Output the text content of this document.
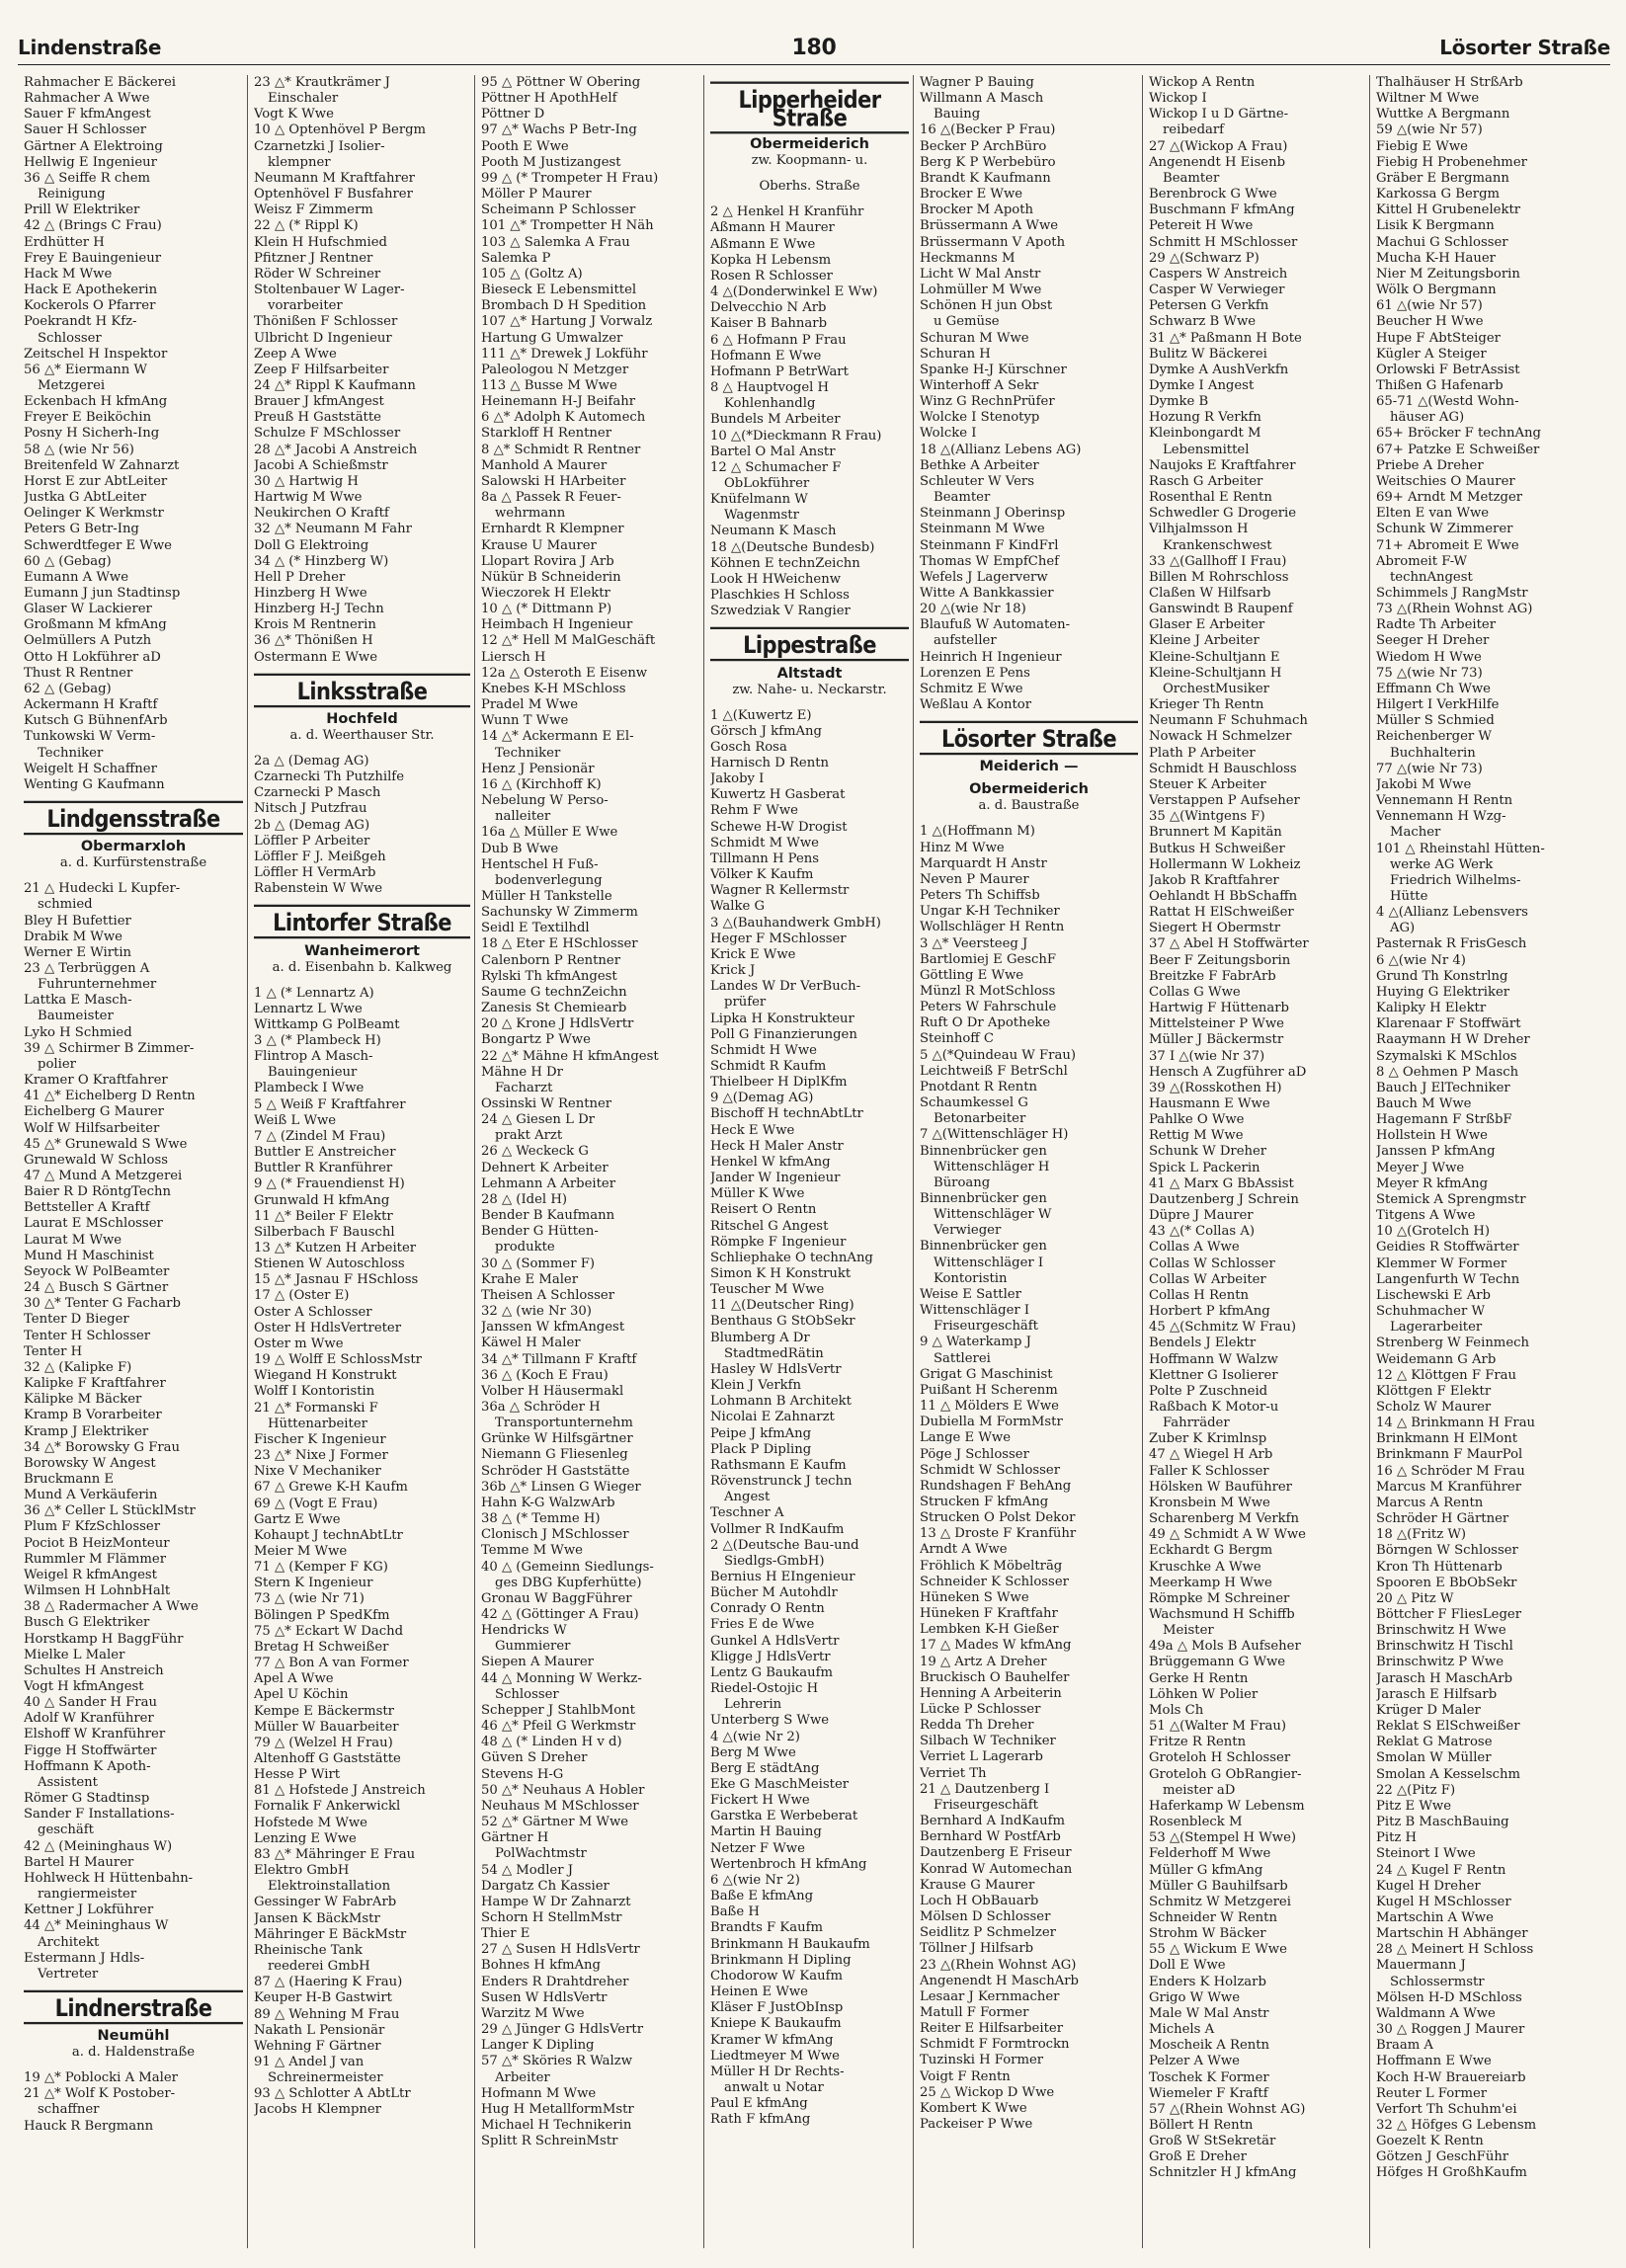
Lindenstraße	180	Lösorter Straße
Rahmacher E Bäckerei
Rahmacher A Wwe
Sauer F kfmAngest
Sauer H Schlosser
Gärtner A Elektroing
Hellwig E Ingenieur
36 △ Seiffe R chem
Reinigung
Prill W Elektriker
42 △ (Brings C Frau)
Erdhütter H
Frey E Bauingenieur
Hack M Wwe
Hack E Apothekerin
Kockerols O Pfarrer
Poekrandt H Kfz-
Schlosser
Zeitschel H Inspektor
56 △* Eiermann W
Metzgerei
Eckenbach H kfmAng
Freyer E Beiköchin
Posny H Sicherh-Ing
58 △ (wie Nr 56)
Breitenfeld W Zahnarzt
Horst E zur AbtLeiter
Justka G AbtLeiter
Oelinger K Werkmstr
Peters G Betr-Ing
Schwerdtfeger E Wwe
60 △ (Gebag)
Eumann A Wwe
Eumann J jun Stadtinsp
Glaser W Lackierer
Großmann M kfmAng
Oelmüllers A Putzh
Otto H Lokführer aD
Thust R Rentner
62 △ (Gebag)
Ackermann H Kraftf
Kutsch G BühnenfArb
Tunkowski W Verm-
Techniker
Weigelt H Schaffner
Wenting G Kaufmann
Lindgensstraße
Obermarxloh
a. d. Kurfürstenstraße
21 △ Hudecki L Kupfer-
schmied
Bley H Bufettier
Drabik M Wwe
Werner E Wirtin
23 △ Terbrüggen A
Fuhrunternehmer
Lattka E Masch-
Baumeister
Lyko H Schmied
39 △ Schirmer B Zimmer-
polier
Kramer O Kraftfahrer
41 △* Eichelberg D Rentn
Eichelberg G Maurer
Wolf W Hilfsarbeiter
45 △* Grunewald S Wwe
Grunewald W Schloss
47 △ Mund A Metzgerei
Baier R D RöntgTechn
Bettsteller A Kraftf
Laurat E MSchlosser
Laurat M Wwe
Mund H Maschinist
Seyock W PolBeamter
24 △ Busch S Gärtner
30 △* Tenter G Facharb
Tenter D Bieger
Tenter H Schlosser
Tenter H
32 △ (Kalipke F)
Kalipke F Kraftfahrer
Kälipke M Bäcker
Kramp B Vorarbeiter
Kramp J Elektriker
34 △* Borowsky G Frau
Borowsky W Angest
Bruckmann E
Mund A Verkäuferin
36 △* Celler L StücklMstr
Plum F KfzSchlosser
Pociot B HeizMonteur
Rummler M Flämmer
Weigel R kfmAngest
Wilmsen H LohnbHalt
38 △ Radermacher A Wwe
Busch G Elektriker
Horstkamp H BaggFühr
Mielke L Maler
Schultes H Anstreich
Vogt H kfmAngest
40 △ Sander H Frau
Adolf W Kranführer
Elshoff W Kranführer
Figge H Stoffwärter
Hoffmann K Apoth-
Assistent
Römer G Stadtinsp
Sander F Installations-
geschäft
42 △ (Meininghaus W)
Bartel H Maurer
Hohlweck H Hüttenbahn-
rangiermeister
Kettner J Lokführer
44 △* Meininghaus W
Architekt
Estermann J Hdls-
Vertreter
Lindnerstraße
Neumühl
a. d. Haldenstraße
19 △* Poblocki A Maler
21 △* Wolf K Postober-
schaffner
Hauck R Bergmann
23 △* Krautkrämer J
Einschaler
Vogt K Wwe
10 △ Optenhövel P Bergm
Czarnetzki J Isolier-
klempner
Neumann M Kraftfahrer
Optenhövel F Busfahrer
Weisz F Zimmerm
22 △ (* Rippl K)
Klein H Hufschmied
Pfitzner J Rentner
Röder W Schreiner
Stoltenbauer W Lager-
vorarbeiter
Thönißen F Schlosser
Ulbricht D Ingenieur
Zeep A Wwe
Zeep F Hilfsarbeiter
24 △* Rippl K Kaufmann
Brauer J kfmAngest
Preuß H Gaststätte
Schulze F MSchlosser
28 △* Jacobi A Anstreich
Jacobi A Schießmstr
30 △ Hartwig H
Hartwig M Wwe
Neukirchen O Kraftf
32 △* Neumann M Fahr
Doll G Elektroing
34 △ (* Hinzberg W)
Hell P Dreher
Hinzberg H Wwe
Hinzberg H-J Techn
Krois M Rentnerin
36 △* Thönißen H
Ostermann E Wwe
Linksstraße
Hochfeld
a. d. Weerthauser Str.
2a △ (Demag AG)
Czarnecki Th Putzhilfe
Czarnecki P Masch
Nitsch J Putzfrau
2b △ (Demag AG)
Löffler P Arbeiter
Löffler F J. Meißgeh
Löffler H VermArb
Rabenstein W Wwe
Lintorfer Straße
Wanheimerort
a. d. Eisenbahn b. Kalkweg
1 △ (* Lennartz A)
Lennartz L Wwe
Wittkamp G PolBeamt
3 △ (* Plambeck H)
Flintrop A Masch-
Bauingenieur
Plambeck I Wwe
5 △ Weiß F Kraftfahrer
Weiß L Wwe
7 △ (Zindel M Frau)
Buttler E Anstreicher
Buttler R Kranführer
9 △ (* Frauendienst H)
Grunwald H kfmAng
11 △* Beiler F Elektr
Silberbach F Bauschl
13 △* Kutzen H Arbeiter
Stienen W Autoschloss
15 △* Jasnau F HSchloss
17 △ (Oster E)
Oster A Schlosser
Oster H HdlsVertreter
Oster m Wwe
19 △ Wolff E SchlossMstr
Wiegand H Konstrukt
Wolff I Kontoristin
21 △* Formanski F
Hüttenarbeiter
Fischer K Ingenieur
23 △* Nixe J Former
Nixe V Mechaniker
67 △ Grewe K-H Kaufm
69 △ (Vogt E Frau)
Gartz E Wwe
Kohaupt J technAbtLtr
Meier M Wwe
71 △ (Kemper F KG)
Stern K Ingenieur
73 △ (wie Nr 71)
Bölingen P SpedKfm
75 △* Eckart W Dachd
Bretag H Schweißer
77 △ Bon A van Former
Apel A Wwe
Apel U Köchin
Kempe E Bäckermstr
Müller W Bauarbeiter
79 △ (Welzel H Frau)
Altenhoff G Gaststätte
Hesse P Wirt
81 △ Hofstede J Anstreich
Fornalik F Ankerwickl
Hofstede M Wwe
Lenzing E Wwe
83 △* Mähringer E Frau
Elektro GmbH
Elektroinstallation
Gessinger W FabrArb
Jansen K BäckMstr
Mähringer E BäckMstr
Rheinische Tank
reederei GmbH
87 △ (Haering K Frau)
Keuper H-B Gastwirt
89 △ Wehning M Frau
Nakath L Pensionär
Wehning F Gärtner
91 △ Andel J van
Schreinermeister
93 △ Schlotter A AbtLtr
Jacobs H Klempner
95 △ Pöttner W Obering
Pöttner H ApothHelf
Pöttner D
97 △* Wachs P Betr-Ing
Pooth E Wwe
Pooth M Justizangest
99 △ (* Trompeter H Frau)
Möller P Maurer
Scheimann P Schlosser
101 △* Trompetter H Näh
103 △ Salemka A Frau
Salemka P
105 △ (Goltz A)
Bieseck E Lebensmittel
Brombach D H Spedition
107 △* Hartung J Vorwalz
Hartung G Umwalzer
111 △* Drewek J Lokführ
Paleologou N Metzger
113 △ Busse M Wwe
Heinemann H-J Beifahr
6 △* Adolph K Automech
Starkloff H Rentner
8 △* Schmidt R Rentner
Manhold A Maurer
Salowski H HArbeiter
8a △ Passek R Feuer-
wehrmann
Ernhardt R Klempner
Krause U Maurer
Llopart Rovira J Arb
Nükür B Schneiderin
Wieczorek H Elektr
10 △ (* Dittmann P)
Heimbach H Ingenieur
12 △* Hell M MalGeschäft
Liersch H
12a △ Osteroth E Eisenw
Knebes K-H MSchloss
Pradel M Wwe
Wunn T Wwe
14 △* Ackermann E El-
Techniker
Henz J Pensionär
16 △ (Kirchhoff K)
Nebelung W Perso-
nalleiter
16a △ Müller E Wwe
Dub B Wwe
Hentschel H Fuß-
bodenverlegung
Müller H Tankstelle
Sachunsky W Zimmerm
Seidl E Textilhdl
18 △ Eter E HSchlosser
Calenborn P Rentner
Rylski Th kfmAngest
Saume G technZeichn
Zanesis St Chemiearb
20 △ Krone J HdlsVertr
Bongartz P Wwe
22 △* Mähne H kfmAngest
Mähne H Dr
Facharzt
Ossinski W Rentner
24 △ Giesen L Dr
prakt Arzt
26 △ Weckeck G
Dehnert K Arbeiter
Lehmann A Arbeiter
28 △ (Idel H)
Bender B Kaufmann
Bender G Hütten-
produkte
30 △ (Sommer F)
Krahe E Maler
Theisen A Schlosser
32 △ (wie Nr 30)
Janssen W kfmAngest
Käwel H Maler
34 △* Tillmann F Kraftf
36 △ (Koch E Frau)
Volber H Häusermakl
36a △ Schröder H
Transportunternehm
Grünke W Hilfsgärtner
Niemann G Fliesenleg
Schröder H Gaststätte
36b △* Linsen G Wieger
Hahn K-G WalzwArb
38 △ (* Temme H)
Clonisch J MSchlosser
Temme M Wwe
40 △ (Gemeinn Siedlungs-
ges DBG Kupferhütte)
Gronau W BaggFührer
42 △ (Göttinger A Frau)
Hendricks W
Gummierer
Siepen A Maurer
44 △ Monning W Werkz-
Schlosser
Schepper J StahlbMont
46 △* Pfeil G Werkmstr
48 △ (* Linden H v d)
Güven S Dreher
Stevens H-G
50 △* Neuhaus A Hobler
Neuhaus M MSchlosser
52 △* Gärtner M Wwe
Gärtner H
PolWachtmstr
54 △ Modler J
Dargatz Ch Kassier
Hampe W Dr Zahnarzt
Schorn H StellmMstr
Thier E
27 △ Susen H HdlsVertr
Bohnes H kfmAng
Enders R Drahtdreher
Susen W HdlsVertr
Warzitz M Wwe
29 △ Jünger G HdlsVertr
Langer K Dipling
57 △* Sköries R Walzw
Arbeiter
Hofmann M Wwe
Hug H MetallformMstr
Michael H Technikerin
Splitt R SchreinMstr
Lipperheider Straße
Obermeiderich
zw. Koopmann- u.
Oberhs. Straße
2 △ Henkel H Kranführ
Aßmann H Maurer
Aßmann E Wwe
Kopka H Lebensm
Rosen R Schlosser
4 △(Donderwinkel E Ww)
Delvecchio N Arb
Kaiser B Bahnarb
6 △ Hofmann P Frau
Hofmann E Wwe
Hofmann P BetrWart
8 △ Hauptvogel H
Kohlenhandlg
Bundels M Arbeiter
10 △(*Dieckmann R Frau)
Bartel O Mal Anstr
12 △ Schumacher F
ObLokführer
Knüfelmann W
Wagenmstr
Neumann K Masch
18 △(Deutsche Bundesb)
Köhnen E technZeichn
Look H HWeichenw
Plaschkies H Schloss
Szwedziak V Rangier
Lippestraße
Altstadt
zw. Nahe- u. Neckarstr.
1 △(Kuwertz E)
Görsch J kfmAng
Gosch Rosa
Harnisch D Rentn
Jakoby I
Kuwertz H Gasberat
Rehm F Wwe
Schewe H-W Drogist
Schmidt M Wwe
Tillmann H Pens
Völker K Kaufm
Wagner R Kellermstr
Walke G
3 △(Bauhandwerk GmbH)
Heger F MSchlosser
Krick E Wwe
Krick J
Landes W Dr VerBuch-
prüfer
Lipka H Konstrukteur
Poll G Finanzierungen
Schmidt H Wwe
Schmidt R Kaufm
Thielbeer H DiplKfm
9 △(Demag AG)
Bischoff H technAbtLtr
Heck E Wwe
Heck H Maler Anstr
Henkel W kfmAng
Jander W Ingenieur
Müller K Wwe
Reisert O Rentn
Ritschel G Angest
Römpke F Ingenieur
Schliephake O technAng
Simon K H Konstrukt
Teuscher M Wwe
11 △(Deutscher Ring)
Benthaus G StObSekr
Blumberg A Dr
StadtmedRätin
Hasley W HdlsVertr
Klein J Verkfn
Lohmann B Architekt
Nicolai E Zahnarzt
Peipe J kfmAng
Plack P Dipling
Rathsmann E Kaufm
Rövenstrunck J techn
Angest
Teschner A
Vollmer R IndKaufm
2 △(Deutsche Bau-und
Siedlgs-GmbH)
Bernius H EIngenieur
Bücher M Autohdlr
Conrady O Rentn
Fries E de Wwe
Gunkel A HdlsVertr
Kligge J HdlsVertr
Lentz G Baukaufm
Riedel-Ostojic H
Lehrerin
Unterberg S Wwe
4 △(wie Nr 2)
Berg M Wwe
Berg E städtAng
Eke G MaschMeister
Fickert H Wwe
Garstka E Werbeberat
Martin H Bauing
Netzer F Wwe
Wertenbroch H kfmAng
6 △(wie Nr 2)
Baße E kfmAng
Baße H
Brandts F Kaufm
Brinkmann H Baukaufm
Brinkmann H Dipling
Chodorow W Kaufm
Heinen E Wwe
Kläser F JustObInsp
Kniepe K Baukaufm
Kramer W kfmAng
Liedtmeyer M Wwe
Müller H Dr Rechts-
anwalt u Notar
Paul E kfmAng
Rath F kfmAng
Wagner P Bauing
Willmann A Masch
Bauing
16 △(Becker P Frau)
Becker P ArchBüro
Berg K P Werbebüro
Brandt K Kaufmann
Brocker E Wwe
Brocker M Apoth
Brüssermann A Wwe
Brüssermann V Apoth
Heckmanns M
Licht W Mal Anstr
Lohmüller M Wwe
Schönen H jun Obst
u Gemüse
Schuran M Wwe
Schuran H
Spanke H-J Kürschner
Winterhoff A Sekr
Winz G RechnPrüfer
Wolcke I Stenotyp
Wolcke I
18 △(Allianz Lebens AG)
Bethke A Arbeiter
Schleuter W Vers
Beamter
Steinmann J Oberinsp
Steinmann M Wwe
Steinmann F KindFrl
Thomas W EmpfChef
Wefels J Lagerverw
Witte A Bankkassier
20 △(wie Nr 18)
Blaufuß W Automaten-
aufsteller
Heinrich H Ingenieur
Lorenzen E Pens
Schmitz E Wwe
Weßlau A Kontor
Lösorter Straße
Meiderich —
Obermeiderich
a. d. Baustraße
1 △(Hoffmann M)
Hinz M Wwe
Marquardt H Anstr
Neven P Maurer
Peters Th Schiffsb
Ungar K-H Techniker
Wollschläger H Rentn
3 △* Veersteeg J
Bartlomiej E GeschF
Göttling E Wwe
Münzl R MotSchloss
Peters W Fahrschule
Ruft O Dr Apotheke
Steinhoff C
5 △(*Quindeau W Frau)
Leichtweiß F BetrSchl
Pnotdant R Rentn
Schaumkessel G
Betonarbeiter
7 △(Wittenschläger H)
Binnenbrücker gen
Wittenschläger H
Büroang
Binnenbrücker gen
Wittenschläger W
Verwieger
Binnenbrücker gen
Wittenschläger I
Kontoristin
Weise E Sattler
Wittenschläger I
Friseurgeschäft
9 △ Waterkamp J
Sattlerei
Grigat G Maschinist
Puißant H Scherenm
11 △ Mölders E Wwe
Dubiella M FormMstr
Lange E Wwe
Pöge J Schlosser
Schmidt W Schlosser
Rundshagen F BehAng
Strucken F kfmAng
Strucken O Polst Dekor
13 △ Droste F Kranführ
Arndt A Wwe
Fröhlich K Möbeltrāg
Schneider K Schlosser
Hüneken S Wwe
Hüneken F Kraftfahr
Lembken K-H Gießer
17 △ Mades W kfmAng
19 △ Artz A Dreher
Bruckisch O Bauhelfer
Henning A Arbeiterin
Lücke P Schlosser
Redda Th Dreher
Silbach W Techniker
Verriet L Lagerarb
Verriet Th
21 △ Dautzenberg I
Friseurgeschäft
Bernhard A IndKaufm
Bernhard W PostfArb
Dautzenberg E Friseur
Konrad W Automechan
Krause G Maurer
Loch H ObBauarb
Mölsen D Schlosser
Seidlitz P Schmelzer
Töllner J Hilfsarb
23 △(Rhein Wohnst AG)
Angenendt H MaschArb
Lesaar J Kernmacher
Matull F Former
Reiter E Hilfsarbeiter
Schmidt F Formtrockn
Tuzinski H Former
Voigt F Rentn
25 △ Wickop D Wwe
Kombert K Wwe
Packeiser P Wwe
Wickop A Rentn
Wickop I
Wickop I u D Gärtne-
reibedarf
27 △(Wickop A Frau)
Angenendt H Eisenb
Beamter
Berenbrock G Wwe
Buschmann F kfmAng
Petereit H Wwe
Schmitt H MSchlosser
29 △(Schwarz P)
Caspers W Anstreich
Casper W Verwieger
Petersen G Verkfn
Schwarz B Wwe
31 △* Paßmann H Bote
Bulitz W Bäckerei
Dymke A AushVerkfn
Dymke I Angest
Dymke B
Hozung R Verkfn
Kleinbongardt M
Lebensmittel
Naujoks E Kraftfahrer
Rasch G Arbeiter
Rosenthal E Rentn
Schwedler G Drogerie
Vilhjalmsson H
Krankenschwest
33 △(Gallhoff I Frau)
Billen M Rohrschloss
Claßen W Hilfsarb
Ganswindt B Raupenf
Glaser E Arbeiter
Kleine J Arbeiter
Kleine-Schultjann E
Kleine-Schultjann H
OrchestMusiker
Krieger Th Rentn
Neumann F Schuhmach
Nowack H Schmelzer
Plath P Arbeiter
Schmidt H Bauschloss
Steuer K Arbeiter
Verstappen P Aufseher
35 △(Wintgens F)
Brunnert M Kapitän
Butkus H Schweißer
Hollermann W Lokheiz
Jakob R Kraftfahrer
Oehlandt H BbSchaffn
Rattat H ElSchweißer
Siegert H Obermstr
37 △ Abel H Stoffwärter
Beer F Zeitungsborin
Breitzke F FabrArb
Collas G Wwe
Hartwig F Hüttenarb
Mittelsteiner P Wwe
Müller J Bäckermstr
37 I △(wie Nr 37)
Hensch A Zugführer aD
39 △(Rosskothen H)
Hausmann E Wwe
Pahlke O Wwe
Rettig M Wwe
Schunk W Dreher
Spick L Packerin
41 △ Marx G BbAssist
Dautzenberg J Schrein
Düpre J Maurer
43 △(* Collas A)
Collas A Wwe
Collas W Schlosser
Collas W Arbeiter
Collas H Rentn
Horbert P kfmAng
45 △(Schmitz W Frau)
Bendels J Elektr
Hoffmann W Walzw
Klettner G Isolierer
Polte P Zuschneid
Raßbach K Motor-u
Fahrräder
Zuber K Krimlnsp
47 △ Wiegel H Arb
Faller K Schlosser
Hölsken W Bauführer
Kronsbein M Wwe
Scharenberg M Verkfn
49 △ Schmidt A W Wwe
Eckhardt G Bergm
Kruschke A Wwe
Meerkamp H Wwe
Römpke M Schreiner
Wachsmund H Schiffb
Meister
49a △ Mols B Aufseher
Brüggemann G Wwe
Gerke H Rentn
Löhken W Polier
Mols Ch
51 △(Walter M Frau)
Fritze R Rentn
Groteloh H Schlosser
Groteloh G ObRangier-
meister aD
Haferkamp W Lebensm
Rosenbleck M
53 △(Stempel H Wwe)
Felderhoff M Wwe
Müller G kfmAng
Müller G Bauhilfsarb
Schmitz W Metzgerei
Schneider W Rentn
Strohm W Bäcker
55 △ Wickum E Wwe
Doll E Wwe
Enders K Holzarb
Grigo W Wwe
Male W Mal Anstr
Michels A
Moscheik A Rentn
Pelzer A Wwe
Toschek K Former
Wiemeler F Kraftf
57 △(Rhein Wohnst AG)
Böllert H Rentn
Groß W StSekretär
Groß E Dreher
Schnitzler H J kfmAng
Thalhäuser H StrßArb
Wiltner M Wwe
Wuttke A Bergmann
59 △(wie Nr 57)
Fiebig E Wwe
Fiebig H Probenehmer
Gräber E Bergmann
Karkossa G Bergm
Kittel H Grubenelektr
Lisik K Bergmann
Machui G Schlosser
Mucha K-H Hauer
Nier M Zeitungsborin
Wölk O Bergmann
61 △(wie Nr 57)
Beucher H Wwe
Hupe F AbtSteiger
Kügler A Steiger
Orlowski F BetrAssist
Thißen G Hafenarb
65-71 △(Westd Wohn-
häuser AG)
65+ Bröcker F technAng
67+ Patzke E Schweißer
Priebe A Dreher
Weitschies O Maurer
69+ Arndt M Metzger
Elten E van Wwe
Schunk W Zimmerer
71+ Abromeit E Wwe
Abromeit F-W
technAngest
Schimmels J RangMstr
73 △(Rhein Wohnst AG)
Radte Th Arbeiter
Seeger H Dreher
Wiedom H Wwe
75 △(wie Nr 73)
Effmann Ch Wwe
Hilgert I VerkHilfe
Müller S Schmied
Reichenberger W
Buchhalterin
77 △(wie Nr 73)
Jakobi M Wwe
Vennemann H Rentn
Vennemann H Wzg-
Macher
101 △ Rheinstahl Hütten-
werke AG Werk
Friedrich Wilhelms-
Hütte
4 △(Allianz Lebensvers
AG)
Pasternak R FrisGesch
6 △(wie Nr 4)
Grund Th Konstrlng
Huying G Elektriker
Kalipky H Elektr
Klarenaar F Stoffwärt
Raaymann H W Dreher
Szymalski K MSchlos
8 △ Oehmen P Masch
Bauch J ElTechniker
Bauch M Wwe
Hagemann F StrßbF
Hollstein H Wwe
Janssen P kfmAng
Meyer J Wwe
Meyer R kfmAng
Stemick A Sprengmstr
Titgens A Wwe
10 △(Grotelch H)
Geidies R Stoffwärter
Klemmer W Former
Langenfurth W Techn
Lischewski E Arb
Schuhmacher W
Lagerarbeiter
Strenberg W Feinmech
Weidemann G Arb
12 △ Klöttgen F Frau
Klöttgen F Elektr
Scholz W Maurer
14 △ Brinkmann H Frau
Brinkmann H ElMont
Brinkmann F MaurPol
16 △ Schröder M Frau
Marcus M Kranführer
Marcus A Rentn
Schröder H Gärtner
18 △(Fritz W)
Börngen W Schlosser
Kron Th Hüttenarb
Spooren E BbObSekr
20 △ Pitz W
Böttcher F FliesLeger
Brinschwitz H Wwe
Brinschwitz H Tischl
Brinschwitz P Wwe
Jarasch H MaschArb
Jarasch E Hilfsarb
Krüger D Maler
Reklat S ElSchweißer
Reklat G Matrose
Smolan W Müller
Smolan A Kesselschm
22 △(Pitz F)
Pitz E Wwe
Pitz B MaschBauing
Pitz H
Steinort I Wwe
24 △ Kugel F Rentn
Kugel H Dreher
Kugel H MSchlosser
Martschin A Wwe
Martschin H Abhänger
28 △ Meinert H Schloss
Mauermann J
Schlossermstr
Mölsen H-D MSchloss
Waldmann A Wwe
30 △ Roggen J Maurer
Braam A
Hoffmann E Wwe
Koch H-W Brauereiarb
Reuter L Former
Verfort Th Schuhm'ei
32 △ Höfges G Lebensm
Goezelt K Rentn
Götzen J GeschFühr
Höfges H GroßhKaufm
